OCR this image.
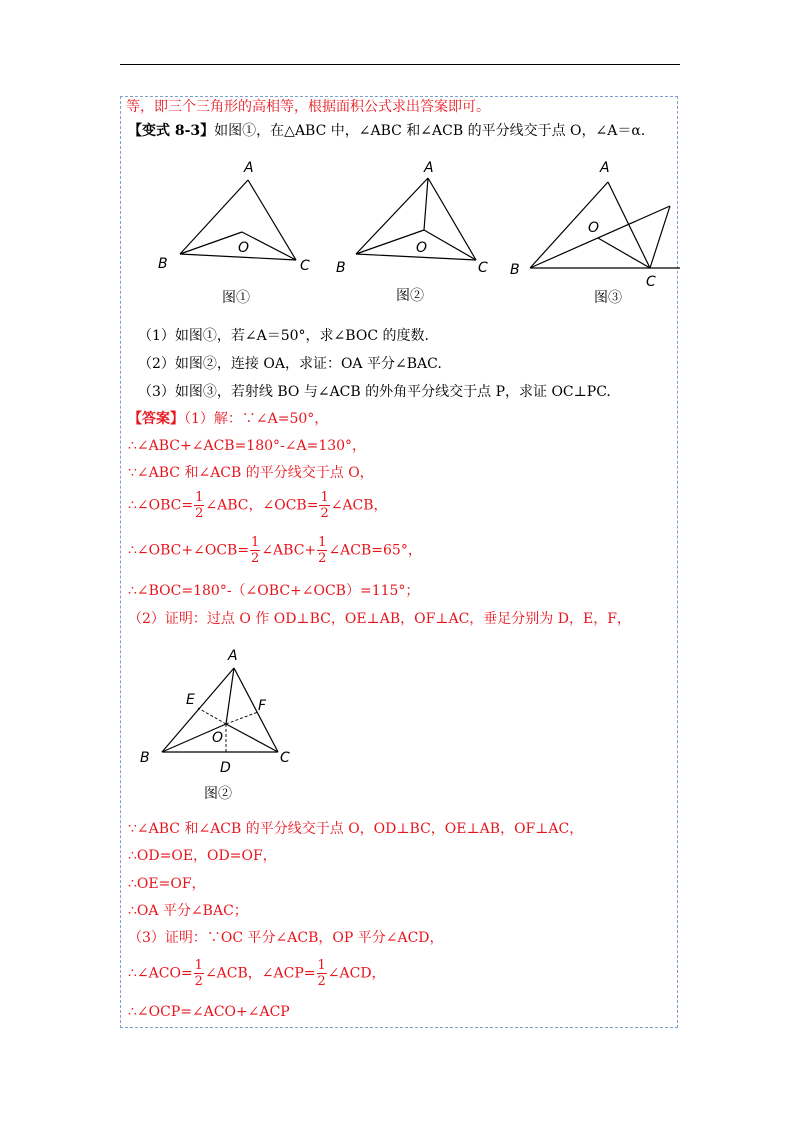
等，即三个三角形的高相等，根据面积公式求出答案即可。
【变式 8-3】如图①，在△ABC 中，∠ABC 和∠ACB 的平分线交于点 O，∠A＝α.
A
B	C
O
图①
A
B	C
O
图②
A
B
C
O
图③
（1）如图①，若∠A＝50°，求∠BOC 的度数.
（2）如图②，连接 OA，求证：OA 平分∠BAC.
（3）如图③，若射线 BO 与∠ACB 的外角平分线交于点 P，求证 OC⊥PC.
【答案】（1）解：∵∠A=50°，
∴∠ABC+∠ACB=180°-∠A=130°，
∵∠ABC 和∠ACB 的平分线交于点 O，
∴∠OBC= $\frac{1}{2}$ ∠ABC，∠OCB= $\frac{1}{2}$ ∠ACB，
∴∠OBC+∠OCB= $\frac{1}{2}$ ∠ABC+ $\frac{1}{2}$ ∠ACB=65°，
∴∠BOC=180°-（∠OBC+∠OCB）=115°；
（2）证明：过点 O 作 OD⊥BC，OE⊥AB，OF⊥AC，垂足分别为 D，E，F，
A
B	C
O
D
E	F
图②
∵∠ABC 和∠ACB 的平分线交于点 O，OD⊥BC，OE⊥AB，OF⊥AC，
∴OD=OE，OD=OF，
∴OE=OF，
∴OA 平分∠BAC；
（3）证明：∵OC 平分∠ACB，OP 平分∠ACD，
∴∠ACO= $\frac{1}{2}$ ∠ACB，∠ACP= $\frac{1}{2}$ ∠ACD，
∴∠OCP=∠ACO+∠ACP
